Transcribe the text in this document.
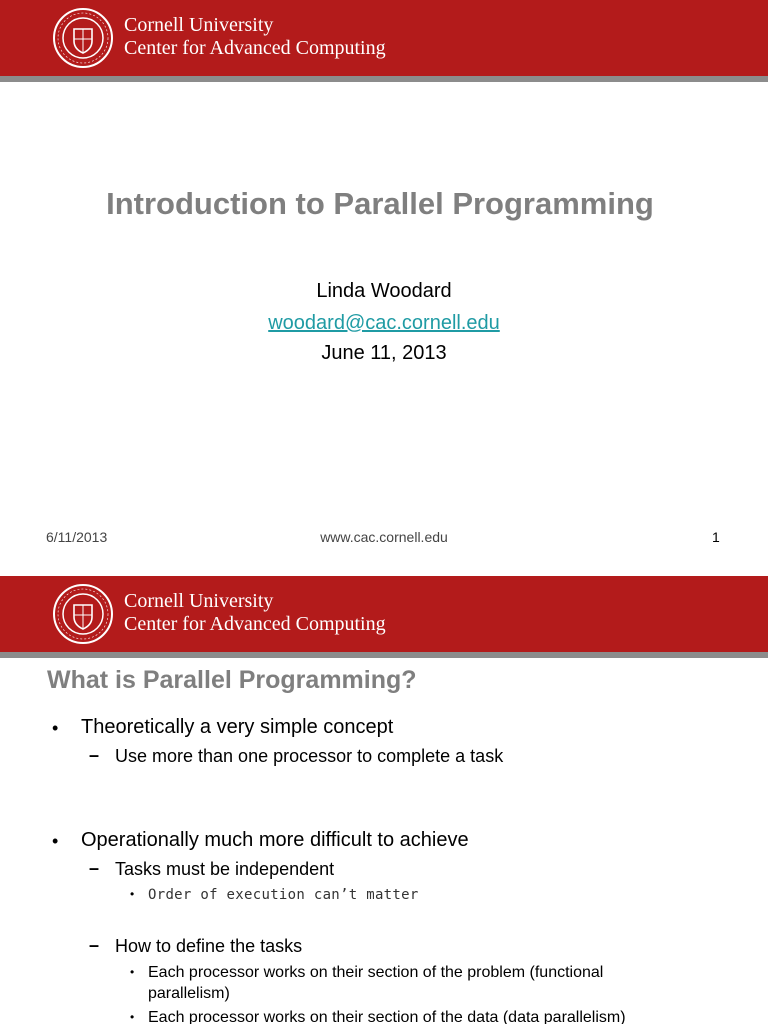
Cornell University
Center for Advanced Computing
Introduction to Parallel Programming
Linda Woodard
woodard@cac.cornell.edu
June 11, 2013
6/11/2013	www.cac.cornell.edu	1
Cornell University
Center for Advanced Computing
What is Parallel Programming?
• Theoretically a very simple concept
– Use more than one processor to complete a task
• Operationally much more difficult to achieve
– Tasks must be independent
• Order of execution can’t matter
– How to define the tasks
• Each processor works on their section of the problem (functional parallelism)
• Each processor works on their section of the data (data parallelism)
